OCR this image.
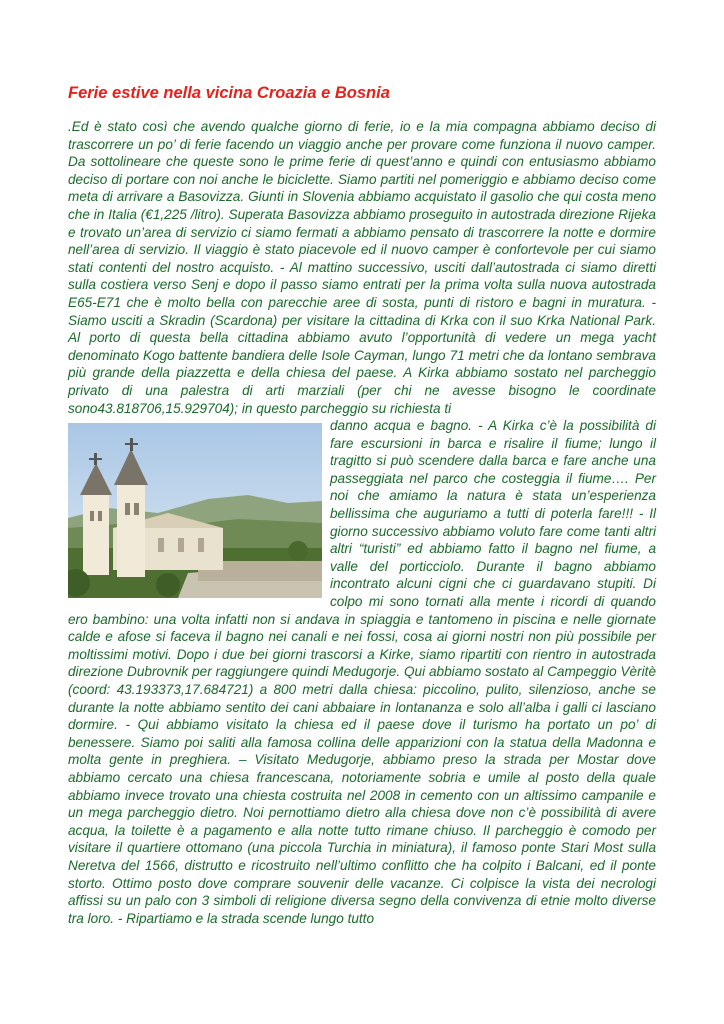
Ferie estive nella vicina Croazia e Bosnia

.Ed è stato così che avendo qualche giorno di ferie, io e la mia compagna abbiamo deciso di trascorrere un po’ di ferie facendo un viaggio anche per provare come funziona il nuovo camper. Da sottolineare che queste sono le prime ferie di quest’anno e quindi con entusiasmo abbiamo deciso di portare con noi anche le biciclette. Siamo partiti nel pomeriggio e abbiamo deciso come meta di arrivare a Basovizza. Giunti in Slovenia abbiamo acquistato il gasolio che qui costa meno che in Italia (€1,225 /litro). Superata Basovizza abbiamo proseguito in autostrada direzione Rijeka e trovato un’area di servizio ci siamo fermati a abbiamo pensato di trascorrere la notte e dormire nell’area di servizio. Il viaggio è stato piacevole ed il nuovo camper è confortevole per cui siamo stati contenti del nostro acquisto. - Al mattino successivo, usciti dall’autostrada ci siamo diretti sulla costiera verso Senj e dopo il passo siamo entrati per la prima volta sulla nuova autostrada E65-E71 che è molto bella con parecchie aree di sosta, punti di ristoro e bagni in muratura. - Siamo usciti a Skradin (Scardona) per visitare la cittadina di Krka con il suo Krka National Park. Al porto di questa bella cittadina abbiamo avuto l’opportunità di vedere un mega yacht denominato Kogo battente bandiera delle Isole Cayman, lungo 71 metri che da lontano sembrava più grande della piazzetta e della chiesa del paese. A Kirka abbiamo sostato nel parcheggio privato di una palestra di arti marziali (per chi ne avesse bisogno le coordinate sono43.818706,15.929704); in questo parcheggio su richiesta ti

danno acqua e bagno. - A Kirka c’è la possibilità di fare escursioni in barca e risalire il fiume; lungo il tragitto si può scendere dalla barca e fare anche una passeggiata nel parco che costeggia il fiume…. Per noi che amiamo la natura è stata un’esperienza bellissima che auguriamo a tutti di poterla fare!!! - Il giorno successivo abbiamo voluto fare come tanti altri altri “turisti” ed abbiamo fatto il bagno nel fiume, a valle del porticciolo. Durante il bagno abbiamo incontrato alcuni cigni che ci guardavano stupiti. Di colpo mi sono tornati alla mente i ricordi di quando ero bambino: una volta infatti non si andava in spiaggia e tantomeno in piscina e nelle giornate calde e afose si faceva il bagno nei canali e nei fossi, cosa ai giorni nostri non più possibile per moltissimi motivi. Dopo i due bei giorni trascorsi a Kirke, siamo ripartiti con rientro in autostrada direzione Dubrovnik per raggiungere quindi Medugorje. Qui abbiamo sostato al Campeggio Vèritè (coord: 43.193373,17.684721) a 800 metri dalla chiesa: piccolino, pulito, silenzioso, anche se durante la notte abbiamo sentito dei cani abbaiare in lontananza e solo all’alba i galli ci lasciano dormire. - Qui abbiamo visitato la chiesa ed il paese dove il turismo ha portato un po’ di benessere. Siamo poi saliti alla famosa collina delle apparizioni con la statua della Madonna e molta gente in preghiera. – Visitato Medugorje, abbiamo preso la strada per Mostar dove abbiamo cercato una chiesa francescana, notoriamente sobria e umile al posto della quale abbiamo invece trovato una chiesta costruita nel 2008 in cemento con un altissimo campanile e un mega parcheggio dietro. Noi pernottiamo dietro alla chiesa dove non c’è possibilità di avere acqua, la toilette è a pagamento e alla notte tutto rimane chiuso. Il parcheggio è comodo per visitare il quartiere ottomano (una piccola Turchia in miniatura), il famoso ponte Stari Most sulla Neretva del 1566, distrutto e ricostruito nell’ultimo conflitto che ha colpito i Balcani, ed il ponte storto. Ottimo posto dove comprare souvenir delle vacanze. Ci colpisce la vista dei necrologi affissi su un palo con 3 simboli di religione diversa segno della convivenza di etnie molto diverse tra loro. - Ripartiamo e la strada scende lungo tutto
